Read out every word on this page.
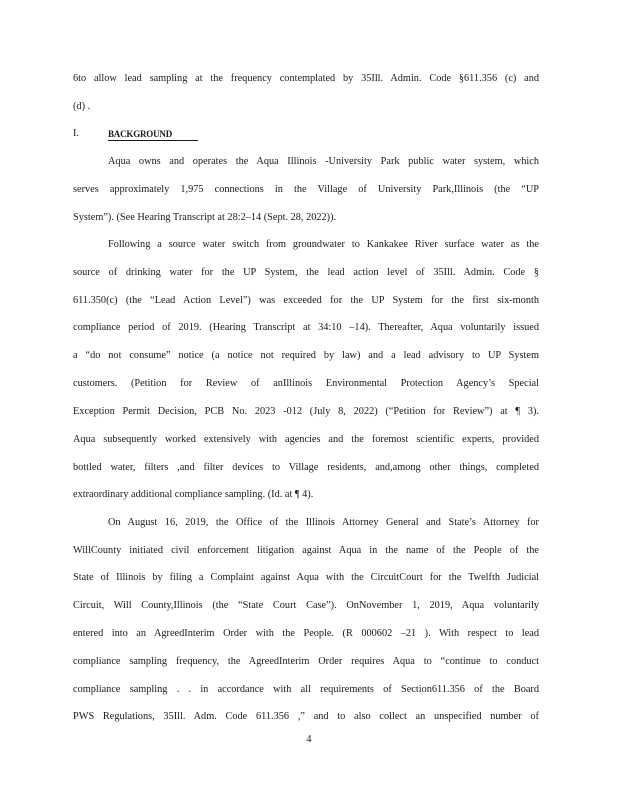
6to allow lead sampling at the frequency contemplated by 35Ill. Admin. Code §611.356 (c) and
(d) .
I.	BACKGROUND
Aqua owns and operates the Aqua Illinois -University Park public water system, which
serves approximately 1,975 connections in the Village of University Park,Illinois (the “UP
System”). (See Hearing Transcript at 28:2–14 (Sept. 28, 2022)).
Following a source water switch from groundwater to Kankakee River surface water as the
source of drinking water for the UP System, the lead action level of 35Ill. Admin. Code §
611.350(c) (the “Lead Action Level”) was exceeded for the UP System for the first six-month
compliance period of 2019. (Hearing Transcript at 34:10 –14). Thereafter, Aqua voluntarily issued
a “do not consume” notice (a notice not required by law) and a lead advisory to UP System
customers. (Petition for Review of anIllinois Environmental Protection Agency’s Special
Exception Permit Decision, PCB No. 2023 -012 (July 8, 2022) (“Petition for Review”) at ¶ 3).
Aqua subsequently worked extensively with agencies and the foremost scientific experts, provided
bottled water, filters ,and filter devices to Village residents, and,among other things, completed
extraordinary additional compliance sampling. (Id. at ¶ 4).
On August 16, 2019, the Office of the Illinois Attorney General and State’s Attorney for
WillCounty initiated civil enforcement litigation against Aqua in the name of the People of the
State of Illinois by filing a Complaint against Aqua with the CircuitCourt for the Twelfth Judicial
Circuit, Will County,Illinois (the “State Court Case”). OnNovember 1, 2019, Aqua voluntarily
entered into an AgreedInterim Order with the People. (R 000602 –21 ). With respect to lead
compliance sampling frequency, the AgreedInterim Order requires Aqua to “continue to conduct
compliance sampling . . in accordance with all requirements of Section611.356 of the Board
PWS Regulations, 35Ill. Adm. Code 611.356 ,” and to also collect an unspecified number of
4
